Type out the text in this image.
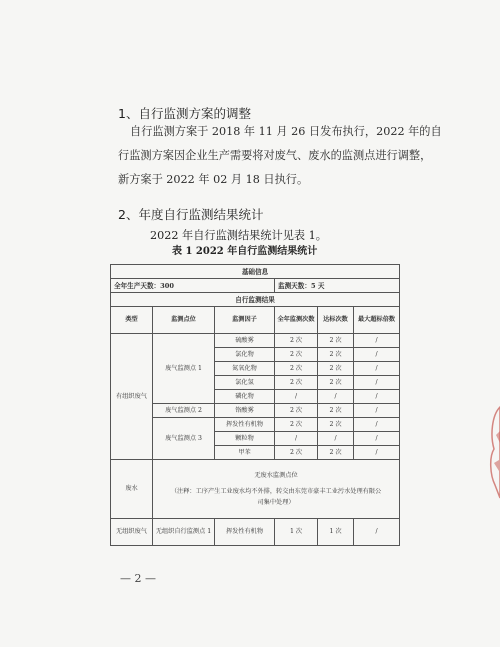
1、自行监测方案的调整
自行监测方案于 2018 年 11 月 26 日发布执行，2022 年的自
行监测方案因企业生产需要将对废气、废水的监测点进行调整，
新方案于 2022 年 02 月 18 日执行。
2、年度自行监测结果统计
2022 年自行监测结果统计见表 1。
表 1 2022 年自行监测结果统计
基础信息					
全年生产天数：300			监测天数：5 天		
自行监测结果					
类型	监测点位	监测因子	全年监测次数	达标次数	最大超标倍数
有组织废气	废气监测点 1	硫酸雾	2 次	2 次	/
		氯化物	2 次	2 次	/
		氮氧化物	2 次	2 次	/
		氯化氢	2 次	2 次	/
		磷化物	/	/	/
	废气监测点 2	铬酸雾	2 次	2 次	/
	废气监测点 3	挥发性有机物	2 次	2 次	/
		颗粒物	/	/	/
		甲苯	2 次	2 次	/
废水	无废水监测点位
（注释：工序产生工业废水均不外排，转交由东莞市豪丰工业污水处理有限公
司集中处理）				

无组织废气	无组织自行监测点 1	挥发性有机物	1 次	1 次	/
— 2 —
